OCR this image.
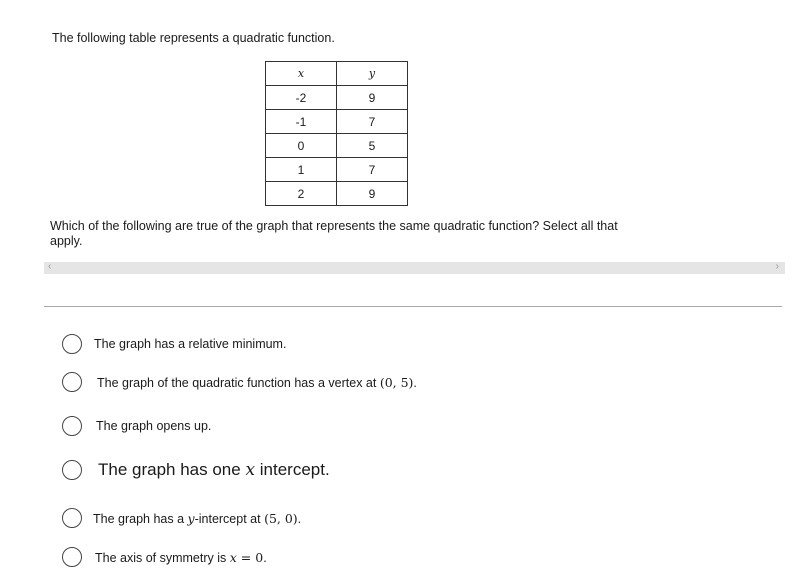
The following table represents a quadratic function.
x	y
-2	9
-1	7
0	5
1	7
2	9
Which of the following are true of the graph that represents the same quadratic function? Select all that apply.
‹	›
The graph has a relative minimum.
The graph of the quadratic function has a vertex at (0, 5).
The graph opens up.
The graph has one x intercept.
The graph has a y-intercept at (5, 0).
The axis of symmetry is x = 0.
